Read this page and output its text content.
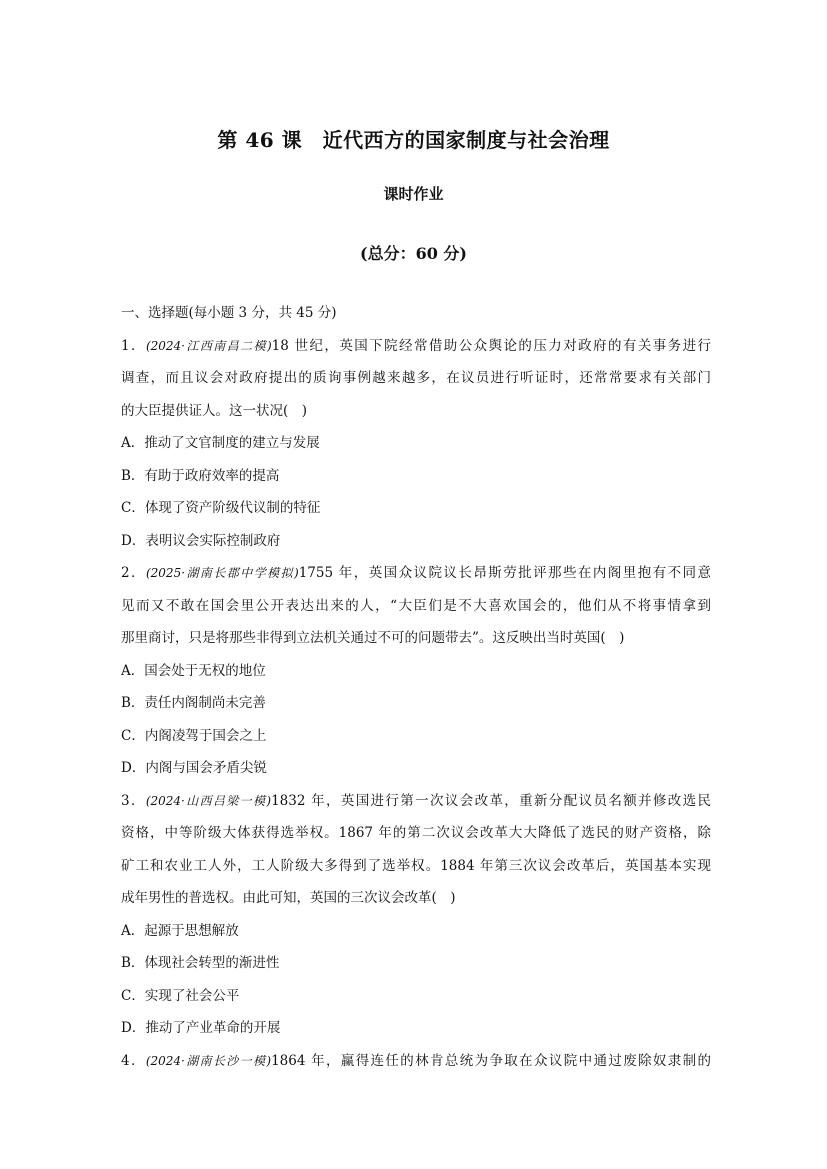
第 46 课　近代西方的国家制度与社会治理
课时作业
(总分：60 分)
一、选择题(每小题 3 分，共 45 分)
1．(2024·江西南昌二模)18 世纪，英国下院经常借助公众舆论的压力对政府的有关事务进行
调查，而且议会对政府提出的质询事例越来越多，在议员进行听证时，还常常要求有关部门
的大臣提供证人。这一状况(　)
A．推动了文官制度的建立与发展
B．有助于政府效率的提高
C．体现了资产阶级代议制的特征
D．表明议会实际控制政府
2．(2025·湖南长郡中学模拟)1755 年，英国众议院议长昂斯劳批评那些在内阁里抱有不同意
见而又不敢在国会里公开表达出来的人，“大臣们是不大喜欢国会的，他们从不将事情拿到
那里商讨，只是将那些非得到立法机关通过不可的问题带去”。这反映出当时英国(　)
A．国会处于无权的地位
B．责任内阁制尚未完善
C．内阁凌驾于国会之上
D．内阁与国会矛盾尖锐
3．(2024·山西吕梁一模)1832 年，英国进行第一次议会改革，重新分配议员名额并修改选民
资格，中等阶级大体获得选举权。1867 年的第二次议会改革大大降低了选民的财产资格，除
矿工和农业工人外，工人阶级大多得到了选举权。1884 年第三次议会改革后，英国基本实现
成年男性的普选权。由此可知，英国的三次议会改革(　)
A．起源于思想解放
B．体现社会转型的渐进性
C．实现了社会公平
D．推动了产业革命的开展
4．(2024·湖南长沙一模)1864 年，赢得连任的林肯总统为争取在众议院中通过废除奴隶制的
